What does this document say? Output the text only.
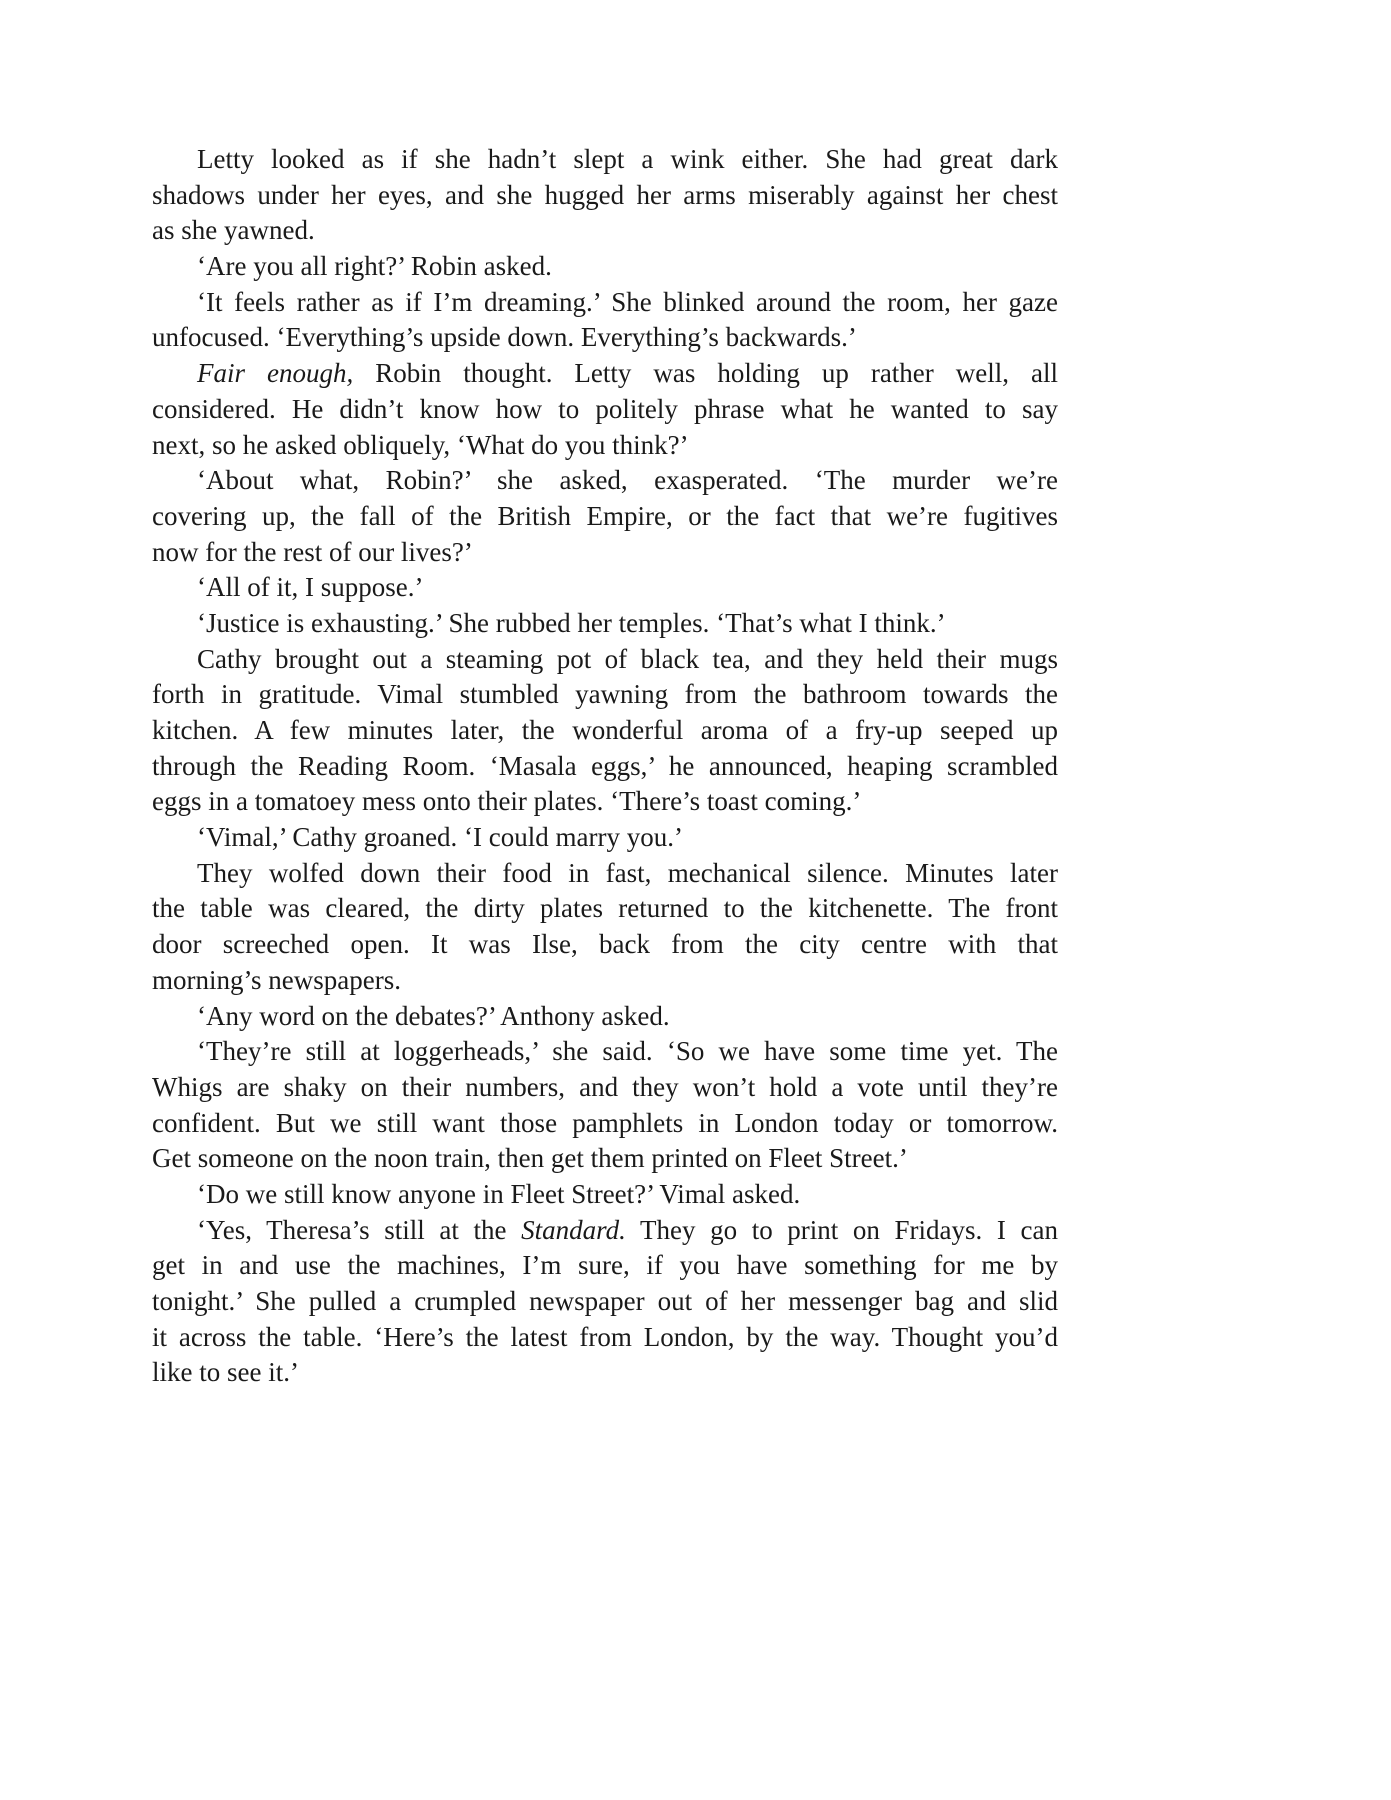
Letty looked as if she hadn’t slept a wink either. She had great dark
shadows under her eyes, and she hugged her arms miserably against her chest
as she yawned.
‘Are you all right?’ Robin asked.
‘It feels rather as if I’m dreaming.’ She blinked around the room, her gaze
unfocused. ‘Everything’s upside down. Everything’s backwards.’
Fair enough, Robin thought. Letty was holding up rather well, all
considered. He didn’t know how to politely phrase what he wanted to say
next, so he asked obliquely, ‘What do you think?’
‘About what, Robin?’ she asked, exasperated. ‘The murder we’re
covering up, the fall of the British Empire, or the fact that we’re fugitives
now for the rest of our lives?’
‘All of it, I suppose.’
‘Justice is exhausting.’ She rubbed her temples. ‘That’s what I think.’
Cathy brought out a steaming pot of black tea, and they held their mugs
forth in gratitude. Vimal stumbled yawning from the bathroom towards the
kitchen. A few minutes later, the wonderful aroma of a fry-up seeped up
through the Reading Room. ‘Masala eggs,’ he announced, heaping scrambled
eggs in a tomatoey mess onto their plates. ‘There’s toast coming.’
‘Vimal,’ Cathy groaned. ‘I could marry you.’
They wolfed down their food in fast, mechanical silence. Minutes later
the table was cleared, the dirty plates returned to the kitchenette. The front
door screeched open. It was Ilse, back from the city centre with that
morning’s newspapers.
‘Any word on the debates?’ Anthony asked.
‘They’re still at loggerheads,’ she said. ‘So we have some time yet. The
Whigs are shaky on their numbers, and they won’t hold a vote until they’re
confident. But we still want those pamphlets in London today or tomorrow.
Get someone on the noon train, then get them printed on Fleet Street.’
‘Do we still know anyone in Fleet Street?’ Vimal asked.
‘Yes, Theresa’s still at the Standard. They go to print on Fridays. I can
get in and use the machines, I’m sure, if you have something for me by
tonight.’ She pulled a crumpled newspaper out of her messenger bag and slid
it across the table. ‘Here’s the latest from London, by the way. Thought you’d
like to see it.’
